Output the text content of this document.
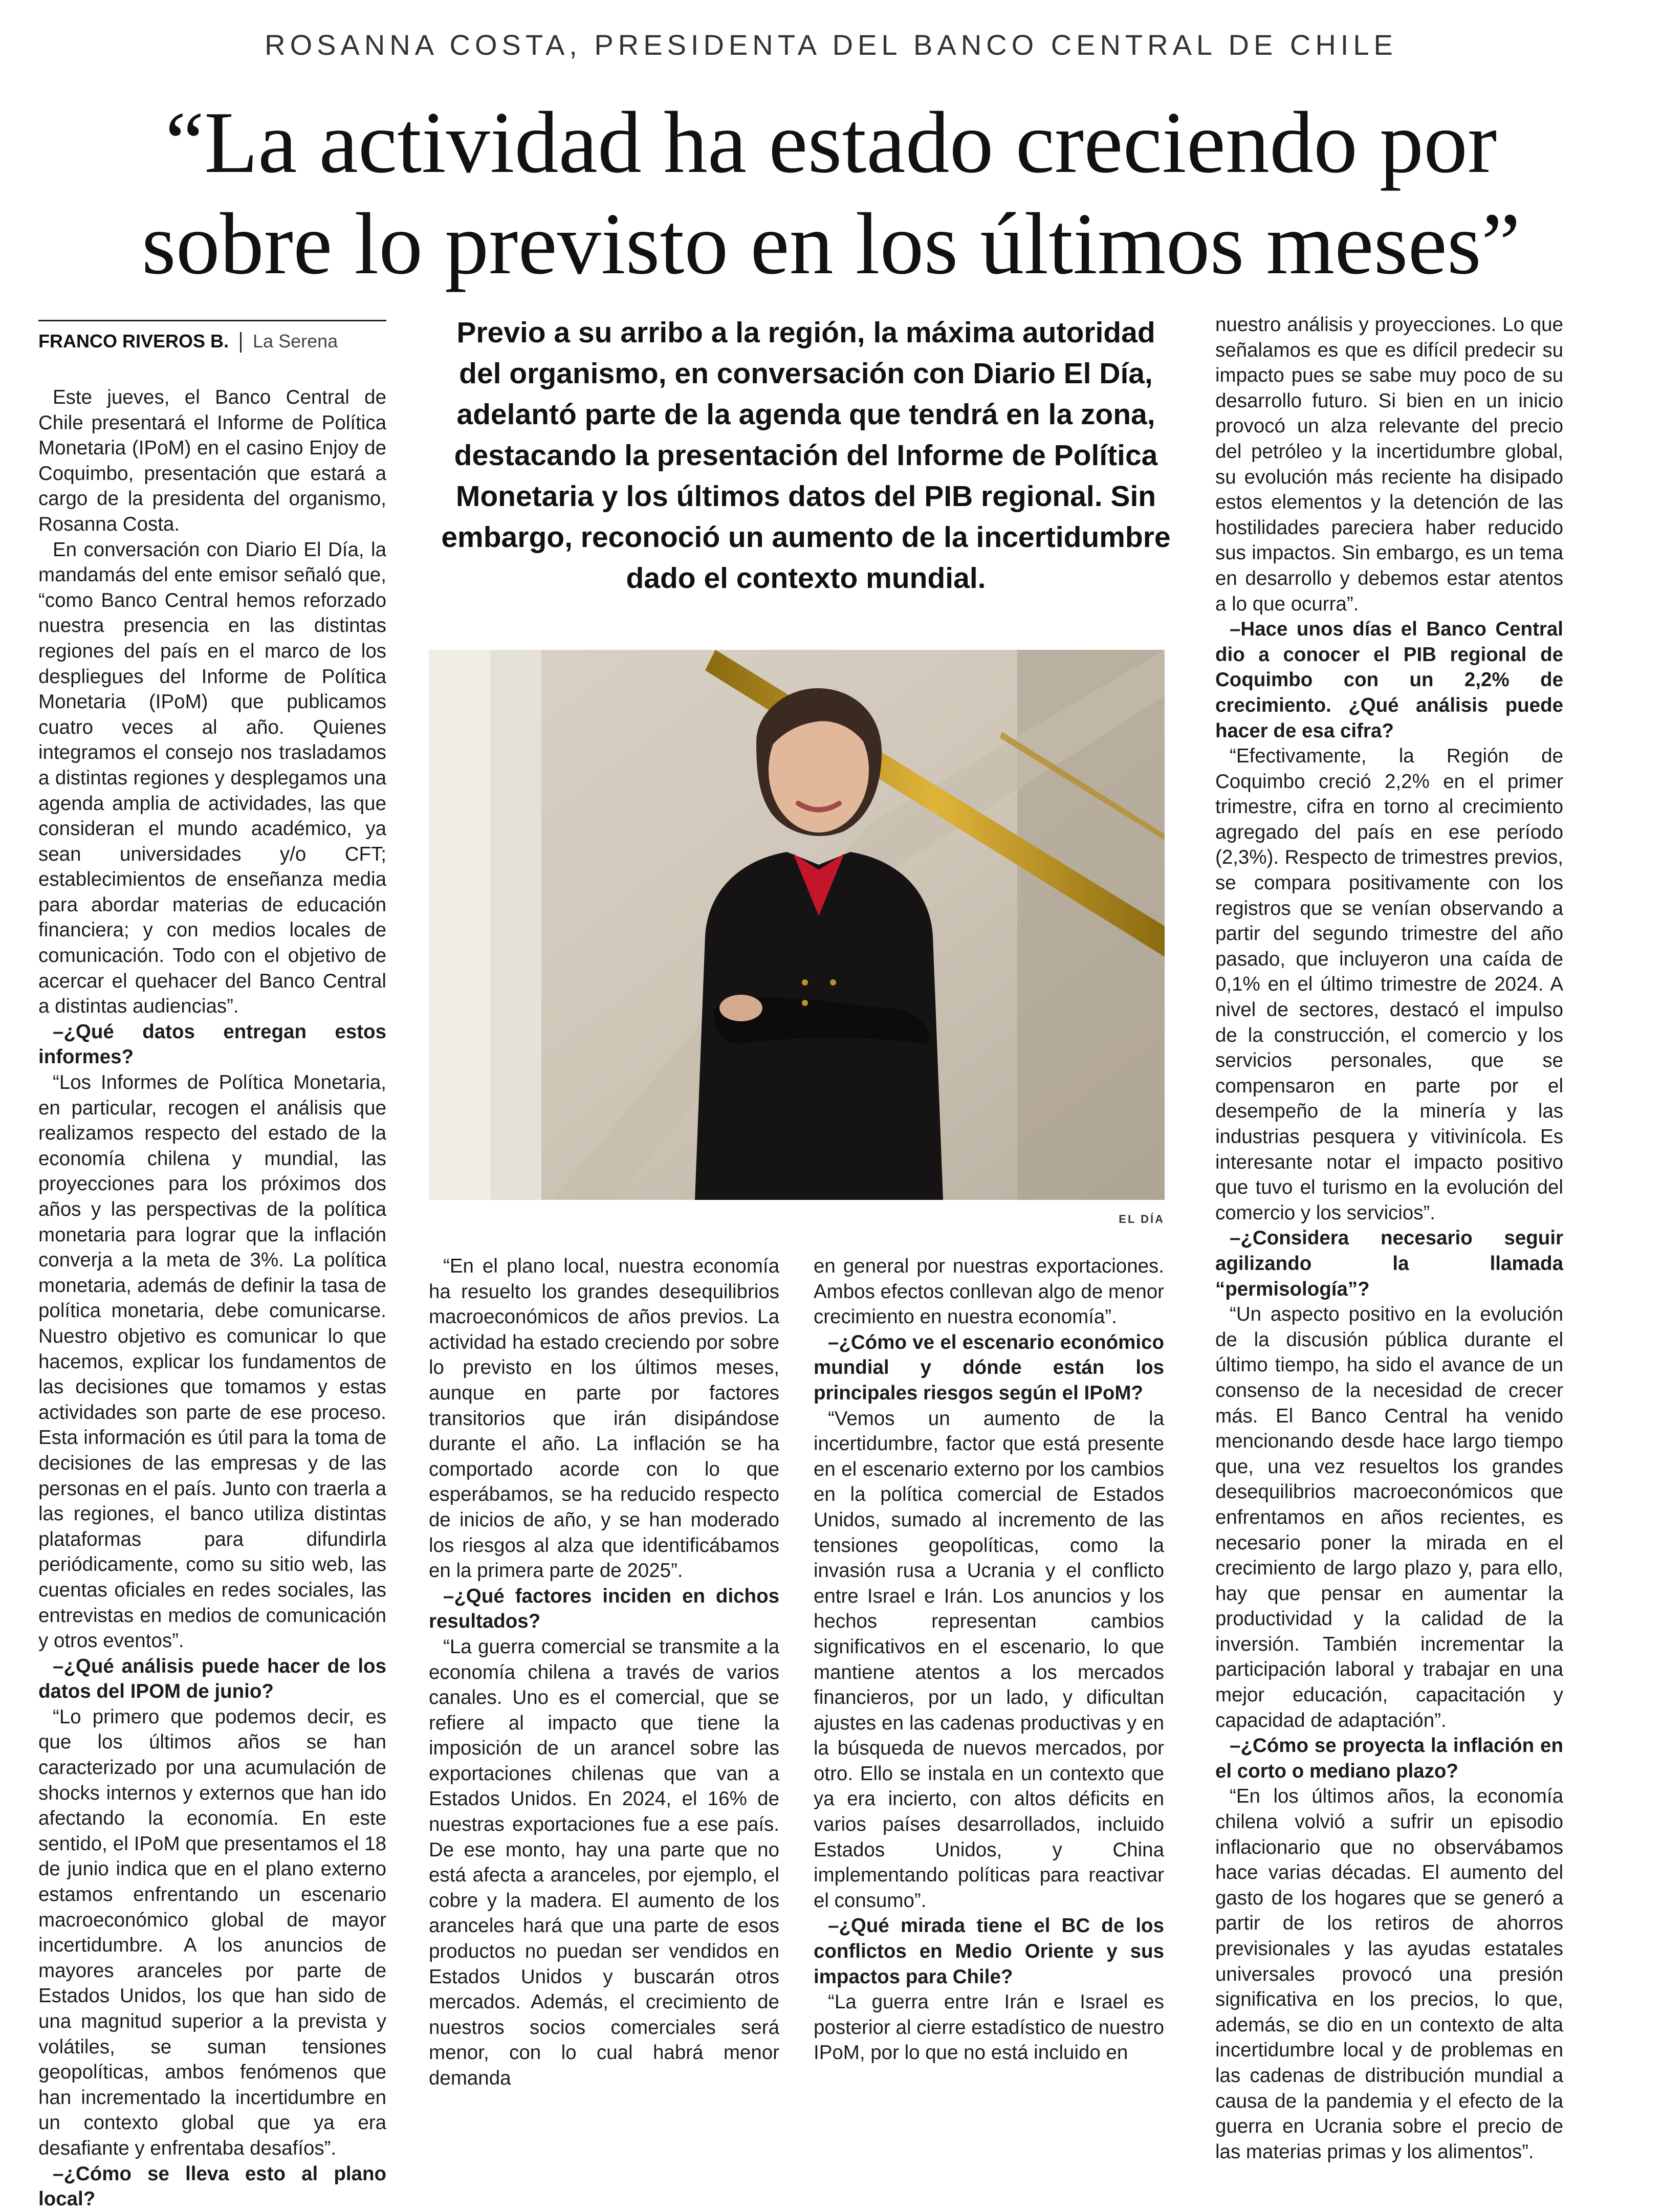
ROSANNA COSTA, PRESIDENTA DEL BANCO CENTRAL DE CHILE
“La actividad ha estado creciendo por
sobre lo previsto en los últimos meses”
FRANCO RIVEROS B. La Serena	Previo a su arribo a la región, la máxima autoridad del organismo, en conversación con Diario El Día, adelantó parte de la agenda que tendrá en la zona, destacando la presentación del Informe de Política Monetaria y los últimos datos del PIB regional. Sin embargo, reconoció un aumento de la incertidumbre dado el contexto mundial.

Este jueves, el Banco Central de Chile presentará el Informe de Política Monetaria (IPoM) en el casino Enjoy de Coquimbo, presentación que estará a cargo de la presidenta del organismo, Rosanna Costa.

En conversación con Diario El Día, la mandamás del ente emisor señaló que, “como Banco Central hemos reforzado nuestra presencia en las distintas regiones del país en el marco de los despliegues del Informe de Política Monetaria (IPoM) que publicamos cuatro veces al año. Quienes integramos el consejo nos trasladamos a distintas regiones y desplegamos una agenda amplia de actividades, las que consideran el mundo académico, ya sean universidades y/o CFT; establecimientos de enseñanza media para abordar materias de educación financiera; y con medios locales de comunicación. Todo con el objetivo de acercar el quehacer del Banco Central a distintas audiencias”.

–¿Qué datos entregan estos informes?

“Los Informes de Política Monetaria, en particular, recogen el análisis que realizamos respecto del estado de la economía chilena y mundial, las proyecciones para los próximos dos años y las perspectivas de la política monetaria para lograr que la inflación converja a la meta de 3%. La política monetaria, además de definir la tasa de política monetaria, debe comunicarse. Nuestro objetivo es comunicar lo que hacemos, explicar los fundamentos de las decisiones que tomamos y estas actividades son parte de ese proceso. Esta información es útil para la toma de decisiones de las empresas y de las personas en el país. Junto con traerla a las regiones, el banco utiliza distintas plataformas para difundirla periódicamente, como su sitio web, las cuentas oficiales en redes sociales, las entrevistas en medios de comunicación y otros eventos”.

–¿Qué análisis puede hacer de los datos del IPOM de junio?

“Lo primero que podemos decir, es que los últimos años se han caracterizado por una acumulación de shocks internos y externos que han ido afectando la economía. En este sentido, el IPoM que presentamos el 18 de junio indica que en el plano externo estamos enfrentando un escenario macroeconómico global de mayor incertidumbre. A los anuncios de mayores aranceles por parte de Estados Unidos, los que han sido de una magnitud superior a la prevista y volátiles, se suman tensiones geopolíticas, ambos fenómenos que han incrementado la incertidumbre en un contexto global que ya era desafiante y enfrentaba desafíos”.

–¿Cómo se lleva esto al plano local?

EL DÍA

“En el plano local, nuestra economía ha resuelto los grandes desequilibrios macroeconómicos de años previos. La actividad ha estado creciendo por sobre lo previsto en los últimos meses, aunque en parte por factores transitorios que irán disipándose durante el año. La inflación se ha comportado acorde con lo que esperábamos, se ha reducido respecto de inicios de año, y se han moderado los riesgos al alza que identificábamos en la primera parte de 2025”.

–¿Qué factores inciden en dichos resultados?

“La guerra comercial se transmite a la economía chilena a través de varios canales. Uno es el comercial, que se refiere al impacto que tiene la imposición de un arancel sobre las exportaciones chilenas que van a Estados Unidos. En 2024, el 16% de nuestras exportaciones fue a ese país. De ese monto, hay una parte que no está afecta a aranceles, por ejemplo, el cobre y la madera. El aumento de los aranceles hará que una parte de esos productos no puedan ser vendidos en Estados Unidos y buscarán otros mercados. Además, el crecimiento de nuestros socios comerciales será menor, con lo cual habrá menor demanda

en general por nuestras exportaciones. Ambos efectos conllevan algo de menor crecimiento en nuestra economía”.

–¿Cómo ve el escenario económico mundial y dónde están los principales riesgos según el IPoM?

“Vemos un aumento de la incertidumbre, factor que está presente en el escenario externo por los cambios en la política comercial de Estados Unidos, sumado al incremento de las tensiones geopolíticas, como la invasión rusa a Ucrania y el conflicto entre Israel e Irán. Los anuncios y los hechos representan cambios significativos en el escenario, lo que mantiene atentos a los mercados financieros, por un lado, y dificultan ajustes en las cadenas productivas y en la búsqueda de nuevos mercados, por otro. Ello se instala en un contexto que ya era incierto, con altos déficits en varios países desarrollados, incluido Estados Unidos, y China implementando políticas para reactivar el consumo”.

–¿Qué mirada tiene el BC de los conflictos en Medio Oriente y sus impactos para Chile?

“La guerra entre Irán e Israel es posterior al cierre estadístico de nuestro IPoM, por lo que no está incluido en

nuestro análisis y proyecciones. Lo que señalamos es que es difícil predecir su impacto pues se sabe muy poco de su desarrollo futuro. Si bien en un inicio provocó un alza relevante del precio del petróleo y la incertidumbre global, su evolución más reciente ha disipado estos elementos y la detención de las hostilidades pareciera haber reducido sus impactos. Sin embargo, es un tema en desarrollo y debemos estar atentos a lo que ocurra”.

–Hace unos días el Banco Central dio a conocer el PIB regional de Coquimbo con un 2,2% de crecimiento. ¿Qué análisis puede hacer de esa cifra?

“Efectivamente, la Región de Coquimbo creció 2,2% en el primer trimestre, cifra en torno al crecimiento agregado del país en ese período (2,3%). Respecto de trimestres previos, se compara positivamente con los registros que se venían observando a partir del segundo trimestre del año pasado, que incluyeron una caída de 0,1% en el último trimestre de 2024. A nivel de sectores, destacó el impulso de la construcción, el comercio y los servicios personales, que se compensaron en parte por el desempeño de la minería y las industrias pesquera y vitivinícola. Es interesante notar el impacto positivo que tuvo el turismo en la evolución del comercio y los servicios”.

–¿Considera necesario seguir agilizando la llamada “permisología”?

“Un aspecto positivo en la evolución de la discusión pública durante el último tiempo, ha sido el avance de un consenso de la necesidad de crecer más. El Banco Central ha venido mencionando desde hace largo tiempo que, una vez resueltos los grandes desequilibrios macroeconómicos que enfrentamos en años recientes, es necesario poner la mirada en el crecimiento de largo plazo y, para ello, hay que pensar en aumentar la productividad y la calidad de la inversión. También incrementar la participación laboral y trabajar en una mejor educación, capacitación y capacidad de adaptación”.

–¿Cómo se proyecta la inflación en el corto o mediano plazo?

“En los últimos años, la economía chilena volvió a sufrir un episodio inflacionario que no observábamos hace varias décadas. El aumento del gasto de los hogares que se generó a partir de los retiros de ahorros previsionales y las ayudas estatales universales provocó una presión significativa en los precios, lo que, además, se dio en un contexto de alta incertidumbre local y de problemas en las cadenas de distribución mundial a causa de la pandemia y el efecto de la guerra en Ucrania sobre el precio de las materias primas y los alimentos”.
